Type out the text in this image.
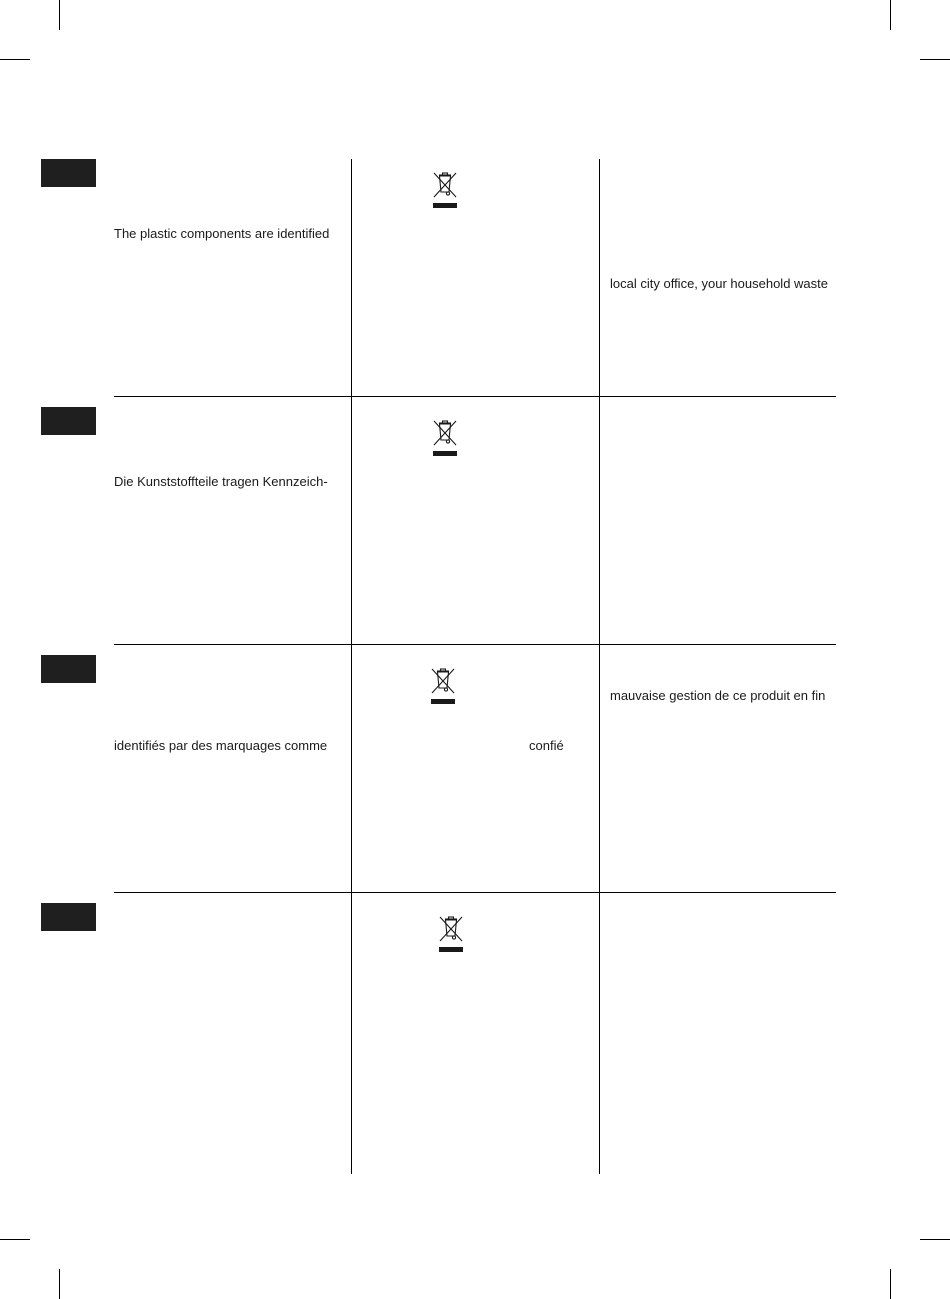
The plastic components are identified
local city office, your household waste
Die Kunststoffteile tragen Kennzeich-
identifiés par des marquages comme	confié
mauvaise gestion de ce produit en fin
